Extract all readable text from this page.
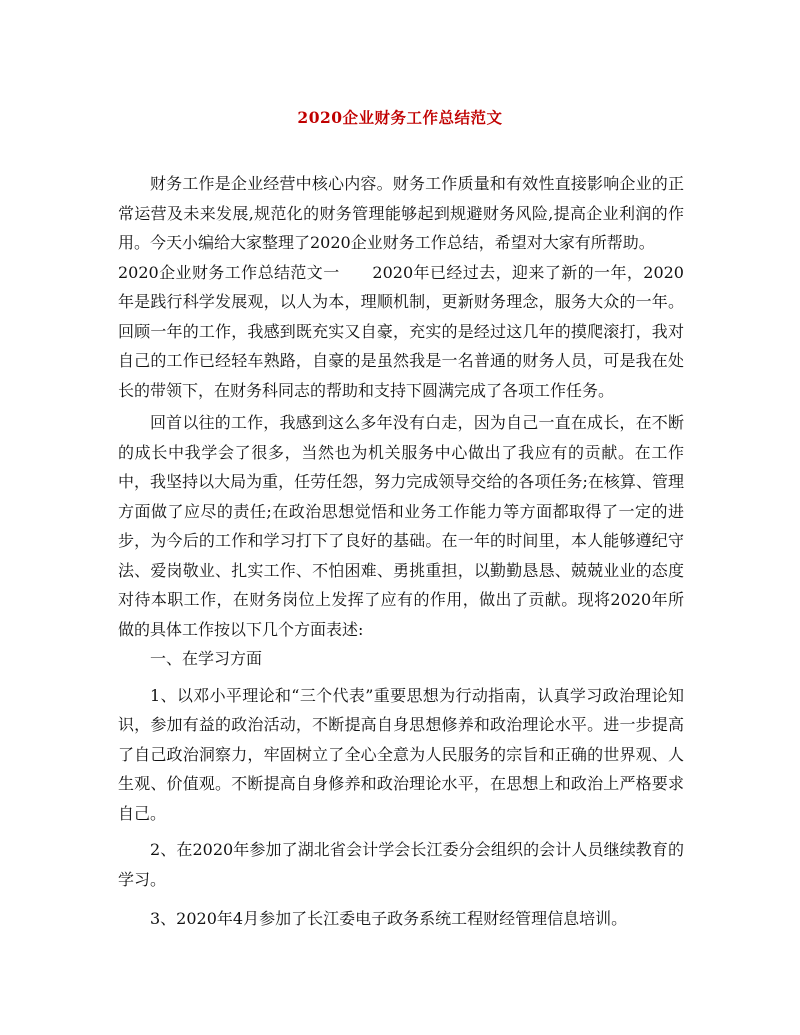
2020企业财务工作总结范文

财务工作是企业经营中核心内容。财务工作质量和有效性直接影响企业的正常运营及未来发展,规范化的财务管理能够起到规避财务风险,提高企业利润的作用。今天小编给大家整理了2020企业财务工作总结，希望对大家有所帮助。

2020企业财务工作总结范文一　　2020年已经过去，迎来了新的一年，2020年是践行科学发展观，以人为本，理顺机制，更新财务理念，服务大众的一年。回顾一年的工作，我感到既充实又自豪，充实的是经过这几年的摸爬滚打，我对自己的工作已经轻车熟路，自豪的是虽然我是一名普通的财务人员，可是我在处长的带领下，在财务科同志的帮助和支持下圆满完成了各项工作任务。

回首以往的工作，我感到这么多年没有白走，因为自己一直在成长，在不断的成长中我学会了很多，当然也为机关服务中心做出了我应有的贡献。在工作中，我坚持以大局为重，任劳任怨，努力完成领导交给的各项任务;在核算、管理方面做了应尽的责任;在政治思想觉悟和业务工作能力等方面都取得了一定的进步，为今后的工作和学习打下了良好的基础。在一年的时间里，本人能够遵纪守法、爱岗敬业、扎实工作、不怕困难、勇挑重担，以勤勤恳恳、兢兢业业的态度对待本职工作，在财务岗位上发挥了应有的作用，做出了贡献。现将2020年所做的具体工作按以下几个方面表述:

一、在学习方面

1、以邓小平理论和“三个代表”重要思想为行动指南，认真学习政治理论知识，参加有益的政治活动，不断提高自身思想修养和政治理论水平。进一步提高了自己政治洞察力，牢固树立了全心全意为人民服务的宗旨和正确的世界观、人生观、价值观。不断提高自身修养和政治理论水平，在思想上和政治上严格要求自己。

2、在2020年参加了湖北省会计学会长江委分会组织的会计人员继续教育的学习。

3、2020年4月参加了长江委电子政务系统工程财经管理信息培训。
